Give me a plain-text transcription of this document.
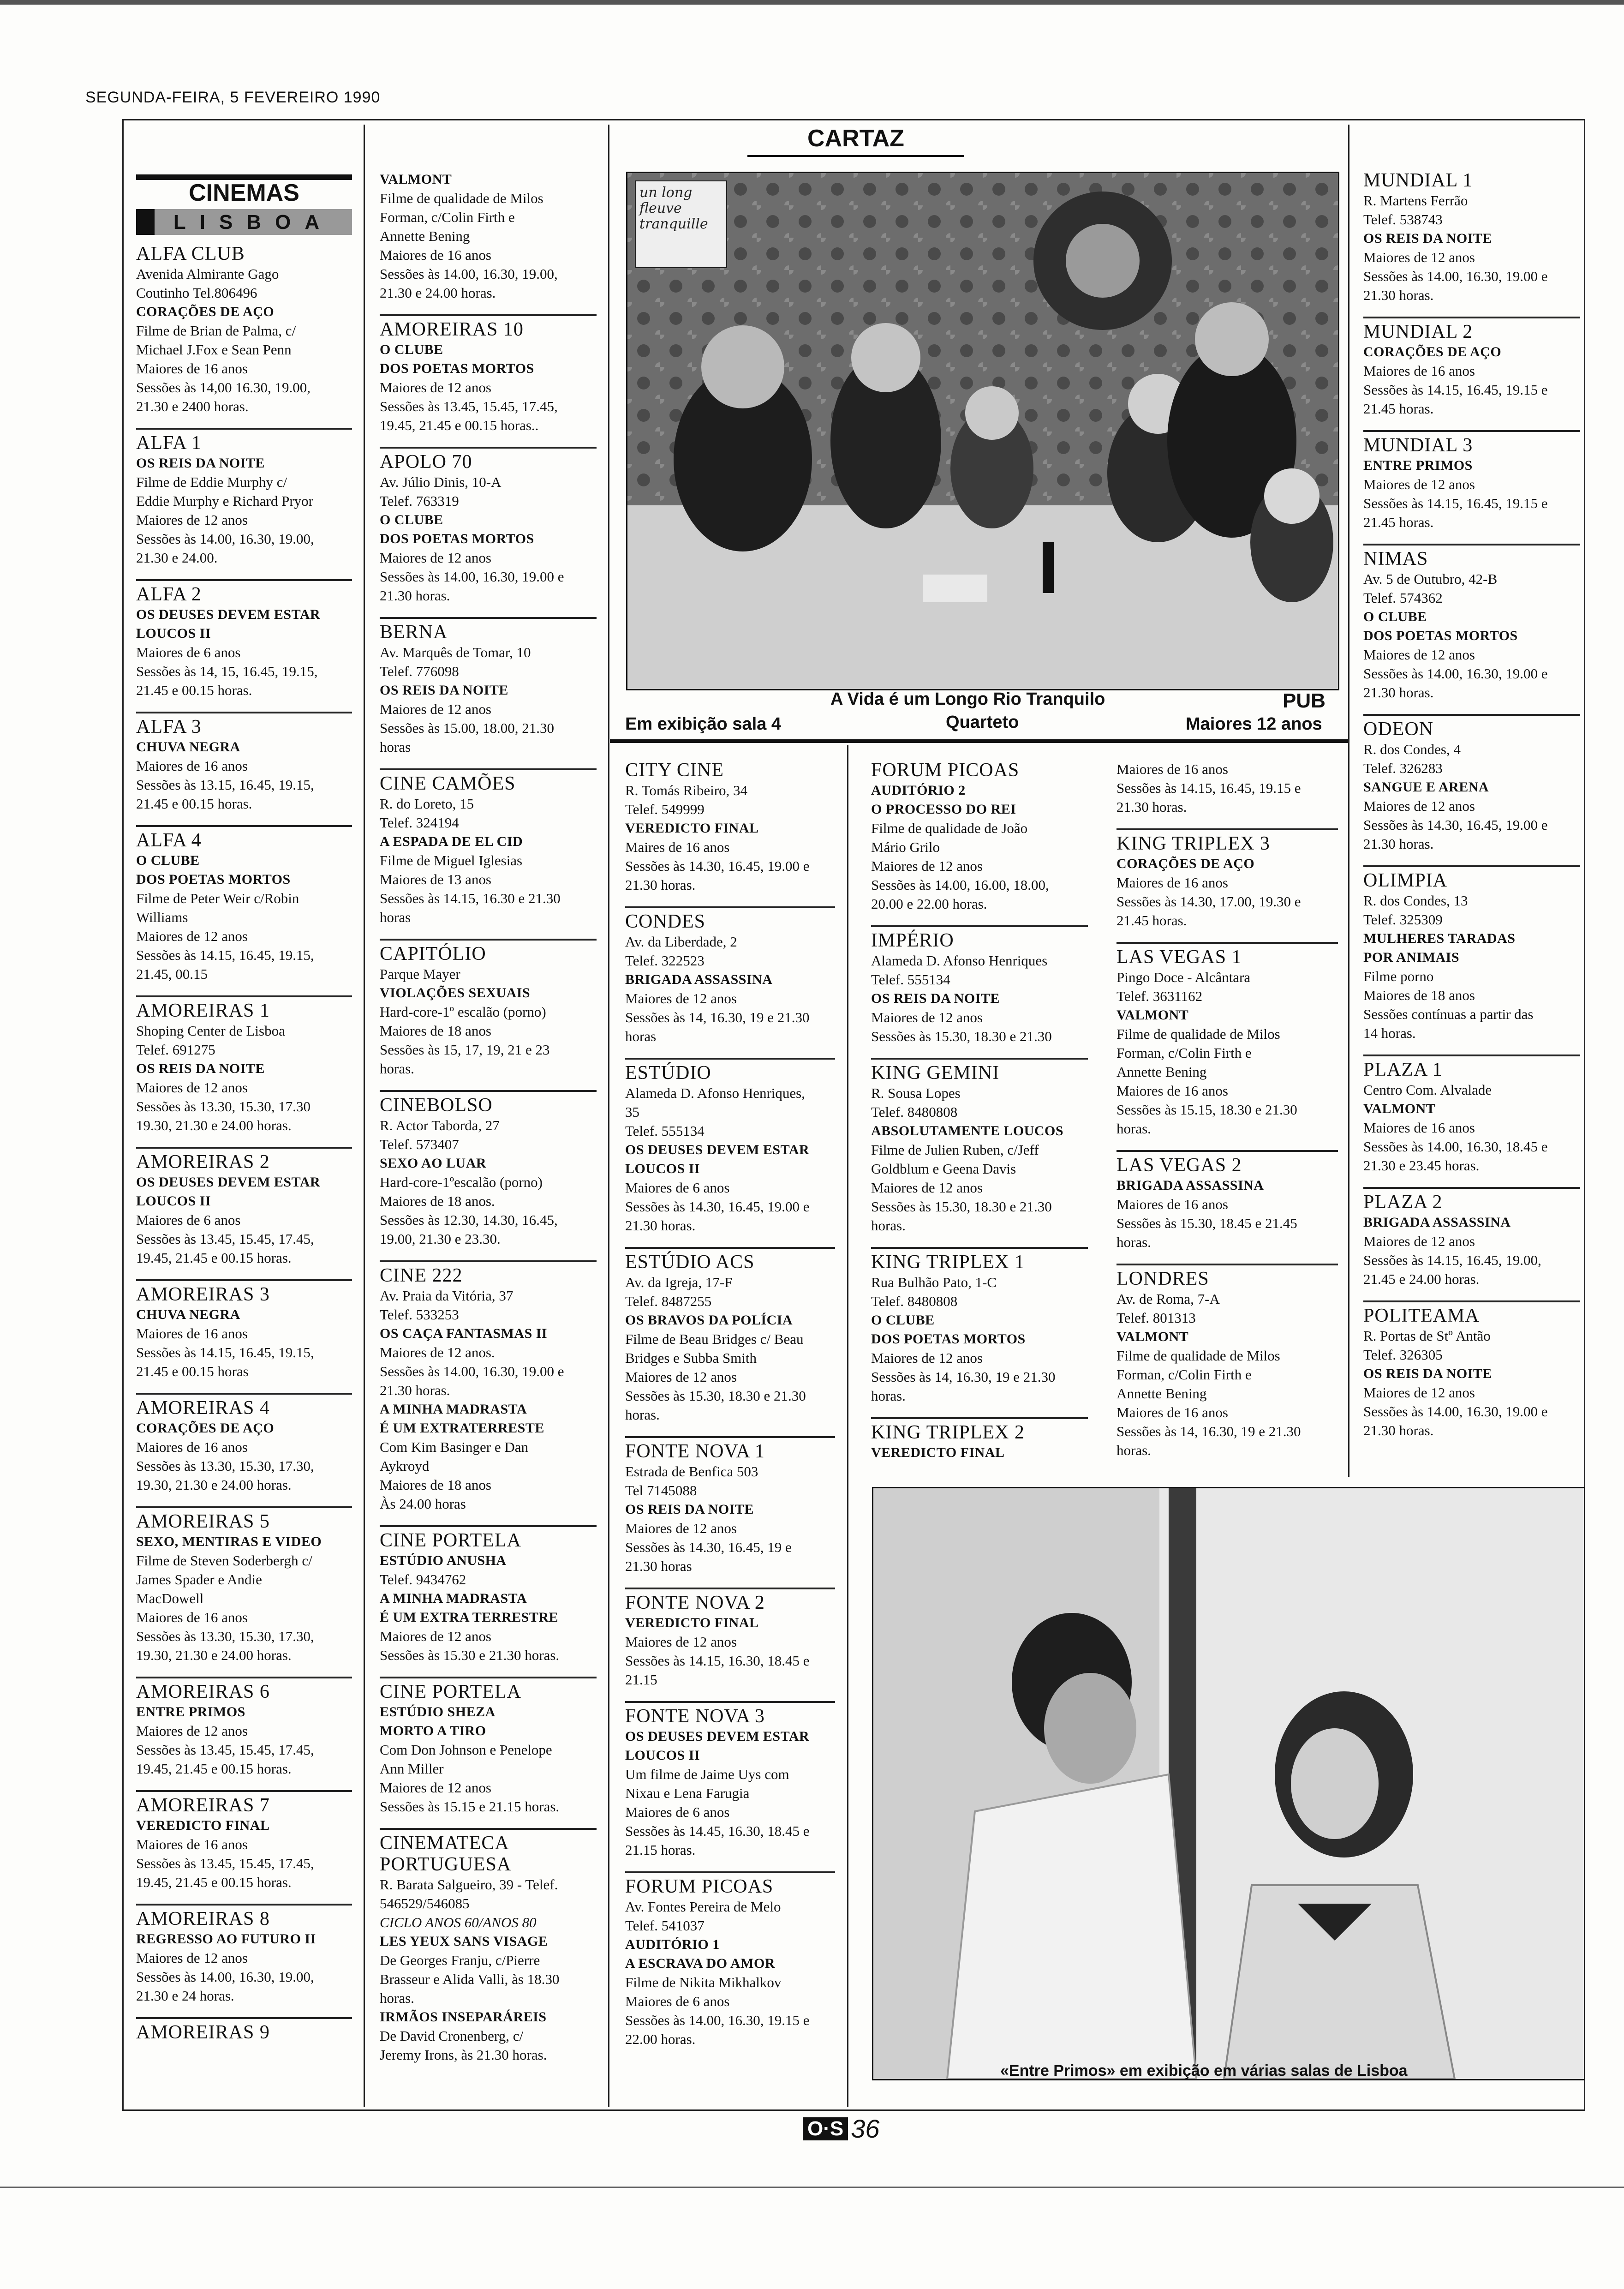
SEGUNDA-FEIRA, 5 FEVEREIRO 1990
CARTAZ
CINEMAS
LISBOA
ALFA CLUB
Avenida Almirante Gago
Coutinho Tel.806496
CORAÇÕES DE AÇO
Filme de Brian de Palma, c/
Michael J.Fox e Sean Penn
Maiores de 16 anos
Sessões às 14,00 16.30, 19.00,
21.30 e 2400 horas.
ALFA 1
OS REIS DA NOITE
Filme de Eddie Murphy c/
Eddie Murphy e Richard Pryor
Maiores de 12 anos
Sessões às 14.00, 16.30, 19.00,
21.30 e 24.00.
ALFA 2
OS DEUSES DEVEM ESTAR
LOUCOS II
Maiores de 6 anos
Sessões às 14, 15, 16.45, 19.15,
21.45 e 00.15 horas.
ALFA 3
CHUVA NEGRA
Maiores de 16 anos
Sessões às 13.15, 16.45, 19.15,
21.45 e 00.15 horas.
ALFA 4
O CLUBE
DOS POETAS MORTOS
Filme de Peter Weir c/Robin
Williams
Maiores de 12 anos
Sessões às 14.15, 16.45, 19.15,
21.45, 00.15
AMOREIRAS 1
Shoping Center de Lisboa
Telef. 691275
OS REIS DA NOITE
Maiores de 12 anos
Sessões às 13.30, 15.30, 17.30
19.30, 21.30 e 24.00 horas.
AMOREIRAS 2
OS DEUSES DEVEM ESTAR
LOUCOS II
Maiores de 6 anos
Sessões às 13.45, 15.45, 17.45,
19.45, 21.45 e 00.15 horas.
AMOREIRAS 3
CHUVA NEGRA
Maiores de 16 anos
Sessões às 14.15, 16.45, 19.15,
21.45 e 00.15 horas
AMOREIRAS 4
CORAÇÕES DE AÇO
Maiores de 16 anos
Sessões às 13.30, 15.30, 17.30,
19.30, 21.30 e 24.00 horas.
AMOREIRAS 5
SEXO, MENTIRAS E VIDEO
Filme de Steven Soderbergh c/
James Spader e Andie
MacDowell
Maiores de 16 anos
Sessões às 13.30, 15.30, 17.30,
19.30, 21.30 e 24.00 horas.
AMOREIRAS 6
ENTRE PRIMOS
Maiores de 12 anos
Sessões às 13.45, 15.45, 17.45,
19.45, 21.45 e 00.15 horas.
AMOREIRAS 7
VEREDICTO FINAL
Maiores de 16 anos
Sessões às 13.45, 15.45, 17.45,
19.45, 21.45 e 00.15 horas.
AMOREIRAS 8
REGRESSO AO FUTURO II
Maiores de 12 anos
Sessões às 14.00, 16.30, 19.00,
21.30 e 24 horas.
AMOREIRAS 9
VALMONT
Filme de qualidade de Milos
Forman, c/Colin Firth e
Annette Bening
Maiores de 16 anos
Sessões às 14.00, 16.30, 19.00,
21.30 e 24.00 horas.
AMOREIRAS 10
O CLUBE
DOS POETAS MORTOS
Maiores de 12 anos
Sessões às 13.45, 15.45, 17.45,
19.45, 21.45 e 00.15 horas..
APOLO 70
Av. Júlio Dinis, 10-A
Telef. 763319
O CLUBE
DOS POETAS MORTOS
Maiores de 12 anos
Sessões às 14.00, 16.30, 19.00 e
21.30 horas.
BERNA
Av. Marquês de Tomar, 10
Telef. 776098
OS REIS DA NOITE
Maiores de 12 anos
Sessões às 15.00, 18.00, 21.30
horas
CINE CAMÕES
R. do Loreto, 15
Telef. 324194
A ESPADA DE EL CID
Filme de Miguel Iglesias
Maiores de 13 anos
Sessões às 14.15, 16.30 e 21.30
horas
CAPITÓLIO
Parque Mayer
VIOLAÇÕES SEXUAIS
Hard-core-1º escalão (porno)
Maiores de 18 anos
Sessões às 15, 17, 19, 21 e 23
horas.
CINEBOLSO
R. Actor Taborda, 27
Telef. 573407
SEXO AO LUAR
Hard-core-1ºescalão (porno)
Maiores de 18 anos.
Sessões às 12.30, 14.30, 16.45,
19.00, 21.30 e 23.30.
CINE 222
Av. Praia da Vitória, 37
Telef. 533253
OS CAÇA FANTASMAS II
Maiores de 12 anos.
Sessões às 14.00, 16.30, 19.00 e
21.30 horas.
A MINHA MADRASTA
É UM EXTRATERRESTE
Com Kim Basinger e Dan
Aykroyd
Maiores de 18 anos
Às 24.00 horas
CINE PORTELA
ESTÚDIO ANUSHA
Telef. 9434762
A MINHA MADRASTA
É UM EXTRA TERRESTRE
Maiores de 12 anos
Sessões às 15.30 e 21.30 horas.
CINE PORTELA
ESTÚDIO SHEZA
MORTO A TIRO
Com Don Johnson e Penelope
Ann Miller
Maiores de 12 anos
Sessões às 15.15 e 21.15 horas.
CINEMATECA PORTUGUESA
R. Barata Salgueiro, 39 - Telef.
546529/546085
CICLO ANOS 60/ANOS 80
LES YEUX SANS VISAGE
De Georges Franju, c/Pierre
Brasseur e Alida Valli, às 18.30
horas.
IRMÃOS INSEPARÁREIS
De David Cronenberg, c/
Jeremy Irons, às 21.30 horas.
un long fleuve tranquille
A Vida é um Longo Rio Tranquilo	PUB
Em exibição sala 4	Quarteto	Maiores 12 anos
CITY CINE
R. Tomás Ribeiro, 34
Telef. 549999
VEREDICTO FINAL
Maires de 16 anos
Sessões às 14.30, 16.45, 19.00 e
21.30 horas.
CONDES
Av. da Liberdade, 2
Telef. 322523
BRIGADA ASSASSINA
Maiores de 12 anos
Sessões às 14, 16.30, 19 e 21.30
horas
ESTÚDIO
Alameda D. Afonso Henriques,
35
Telef. 555134
OS DEUSES DEVEM ESTAR
LOUCOS II
Maiores de 6 anos
Sessões às 14.30, 16.45, 19.00 e
21.30 horas.
ESTÚDIO ACS
Av. da Igreja, 17-F
Telef. 8487255
OS BRAVOS DA POLÍCIA
Filme de Beau Bridges c/ Beau
Bridges e Subba Smith
Maiores de 12 anos
Sessões às 15.30, 18.30 e 21.30
horas.
FONTE NOVA 1
Estrada de Benfica 503
Tel 7145088
OS REIS DA NOITE
Maiores de 12 anos
Sessões às 14.30, 16.45, 19 e
21.30 horas
FONTE NOVA 2
VEREDICTO FINAL
Maiores de 12 anos
Sessões às 14.15, 16.30, 18.45 e
21.15
FONTE NOVA 3
OS DEUSES DEVEM ESTAR
LOUCOS II
Um filme de Jaime Uys com
Nixau e Lena Farugia
Maiores de 6 anos
Sessões às 14.45, 16.30, 18.45 e
21.15 horas.
FORUM PICOAS
Av. Fontes Pereira de Melo
Telef. 541037
AUDITÓRIO 1
A ESCRAVA DO AMOR
Filme de Nikita Mikhalkov
Maiores de 6 anos
Sessões às 14.00, 16.30, 19.15 e
22.00 horas.
FORUM PICOAS
AUDITÓRIO 2
O PROCESSO DO REI
Filme de qualidade de João
Mário Grilo
Maiores de 12 anos
Sessões às 14.00, 16.00, 18.00,
20.00 e 22.00 horas.
IMPÉRIO
Alameda D. Afonso Henriques
Telef. 555134
OS REIS DA NOITE
Maiores de 12 anos
Sessões às 15.30, 18.30 e 21.30
KING GEMINI
R. Sousa Lopes
Telef. 8480808
ABSOLUTAMENTE LOUCOS
Filme de Julien Ruben, c/Jeff
Goldblum e Geena Davis
Maiores de 12 anos
Sessões às 15.30, 18.30 e 21.30
horas.
KING TRIPLEX 1
Rua Bulhão Pato, 1-C
Telef. 8480808
O CLUBE
DOS POETAS MORTOS
Maiores de 12 anos
Sessões às 14, 16.30, 19 e 21.30
horas.
KING TRIPLEX 2
VEREDICTO FINAL
Maiores de 16 anos
Sessões às 14.15, 16.45, 19.15 e
21.30 horas.
KING TRIPLEX 3
CORAÇÕES DE AÇO
Maiores de 16 anos
Sessões às 14.30, 17.00, 19.30 e
21.45 horas.
LAS VEGAS 1
Pingo Doce - Alcântara
Telef. 3631162
VALMONT
Filme de qualidade de Milos
Forman, c/Colin Firth e
Annette Bening
Maiores de 16 anos
Sessões às 15.15, 18.30 e 21.30
horas.
LAS VEGAS 2
BRIGADA ASSASSINA
Maiores de 16 anos
Sessões às 15.30, 18.45 e 21.45
horas.
LONDRES
Av. de Roma, 7-A
Telef. 801313
VALMONT
Filme de qualidade de Milos
Forman, c/Colin Firth e
Annette Bening
Maiores de 16 anos
Sessões às 14, 16.30, 19 e 21.30
horas.
MUNDIAL 1
R. Martens Ferrão
Telef. 538743
OS REIS DA NOITE
Maiores de 12 anos
Sessões às 14.00, 16.30, 19.00 e
21.30 horas.
MUNDIAL 2
CORAÇÕES DE AÇO
Maiores de 16 anos
Sessões às 14.15, 16.45, 19.15 e
21.45 horas.
MUNDIAL 3
ENTRE PRIMOS
Maiores de 12 anos
Sessões às 14.15, 16.45, 19.15 e
21.45 horas.
NIMAS
Av. 5 de Outubro, 42-B
Telef. 574362
O CLUBE
DOS POETAS MORTOS
Maiores de 12 anos
Sessões às 14.00, 16.30, 19.00 e
21.30 horas.
ODEON
R. dos Condes, 4
Telef. 326283
SANGUE E ARENA
Maiores de 12 anos
Sessões às 14.30, 16.45, 19.00 e
21.30 horas.
OLIMPIA
R. dos Condes, 13
Telef. 325309
MULHERES TARADAS
POR ANIMAIS
Filme porno
Maiores de 18 anos
Sessões contínuas a partir das
14 horas.
PLAZA 1
Centro Com. Alvalade
VALMONT
Maiores de 16 anos
Sessões às 14.00, 16.30, 18.45 e
21.30 e 23.45 horas.
PLAZA 2
BRIGADA ASSASSINA
Maiores de 12 anos
Sessões às 14.15, 16.45, 19.00,
21.45 e 24.00 horas.
POLITEAMA
R. Portas de Stº Antão
Telef. 326305
OS REIS DA NOITE
Maiores de 12 anos
Sessões às 14.00, 16.30, 19.00 e
21.30 horas.
«Entre Primos» em exibição em várias salas de Lisboa
O·S 36
